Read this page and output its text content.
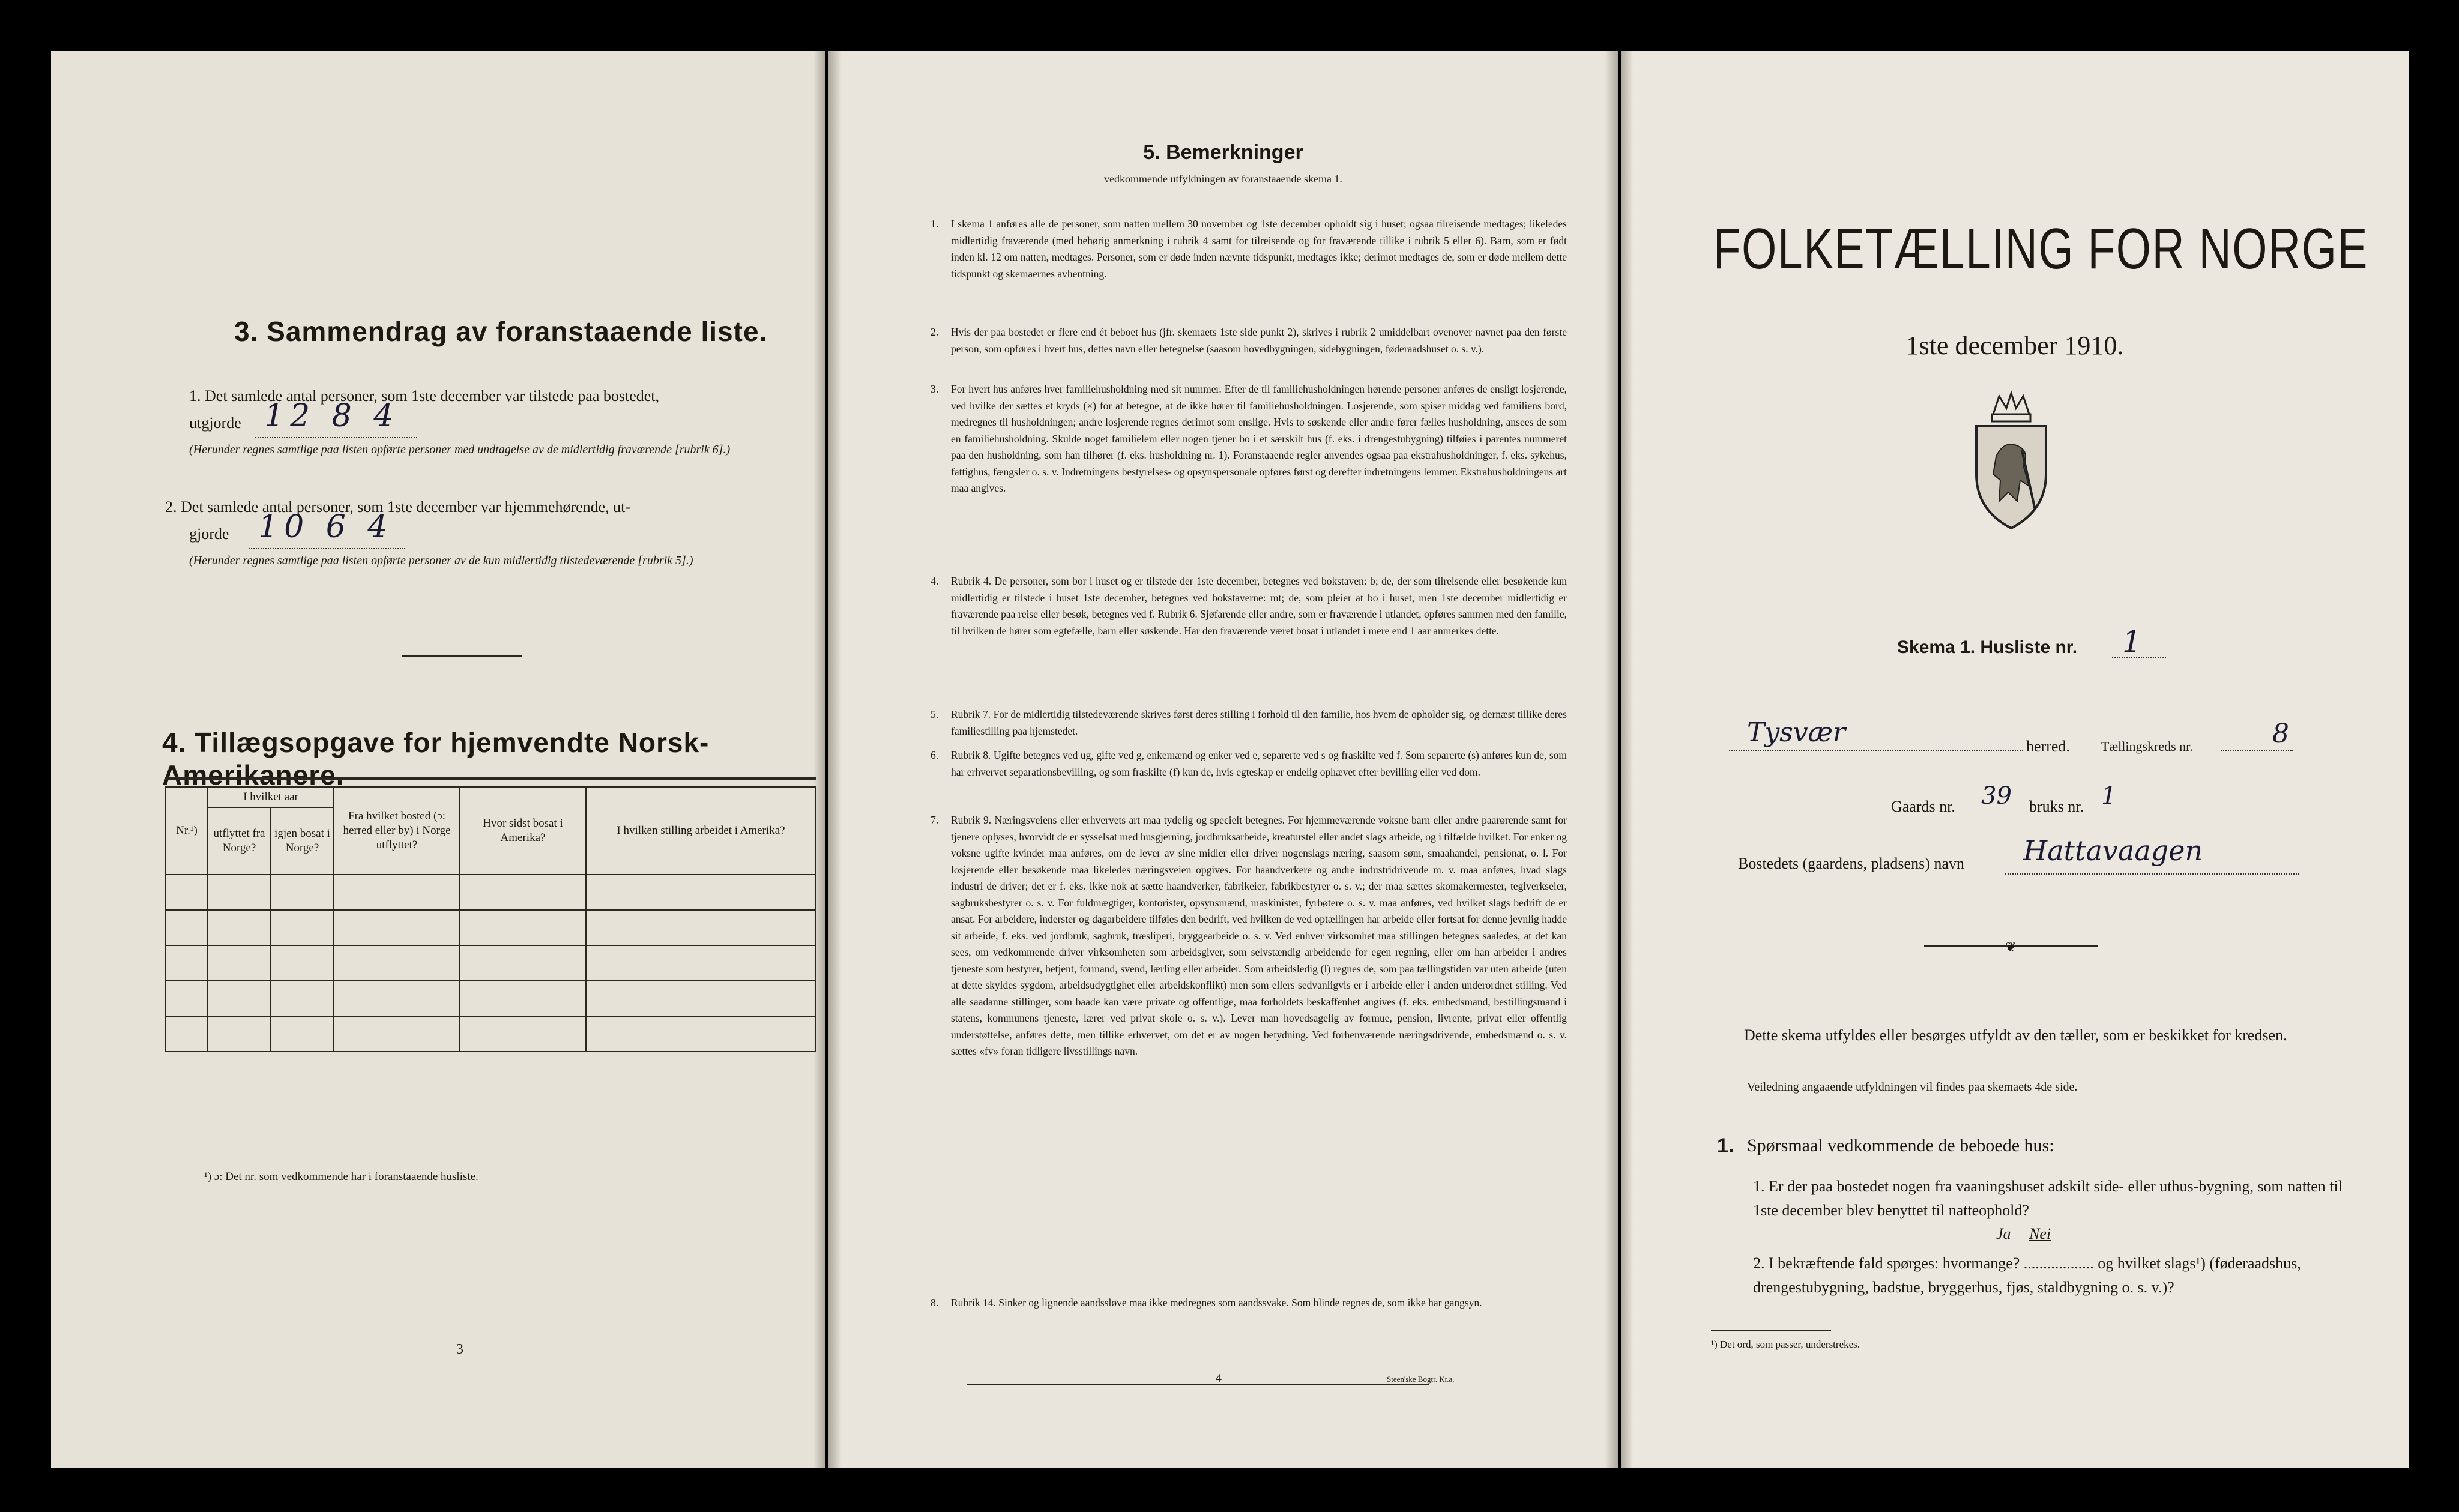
3. Sammendrag av foranstaaende liste.
1. Det samlede antal personer, som 1ste december var tilstede paa bostedet,
utgjorde 12 8 4
(Herunder regnes samtlige paa listen opførte personer med undtagelse av de midlertidig fraværende [rubrik 6].)
2. Det samlede antal personer, som 1ste december var hjemmehørende, ut-
gjorde 10 6 4
(Herunder regnes samtlige paa listen opførte personer av de kun midlertidig tilstedeværende [rubrik 5].)
4. Tillægsopgave for hjemvendte Norsk-Amerikanere.
Nr.¹)	I hvilket aar		Fra hvilket bosted (ɔ: herred eller by) i Norge utflyttet?	Hvor sidst bosat i Amerika?	I hvilken stilling arbeidet i Amerika?
	utflyttet fra Norge?	igjen bosat i Norge?			

¹) ɔ: Det nr. som vedkommende har i foranstaaende husliste.
3
5. Bemerkninger
vedkommende utfyldningen av foranstaaende skema 1.
1. I skema 1 anføres alle de personer, som natten mellem 30 november og 1ste december opholdt sig i huset; ogsaa tilreisende medtages; likeledes midlertidig fraværende (med behørig anmerkning i rubrik 4 samt for tilreisende og for fraværende tillike i rubrik 5 eller 6). Barn, som er født inden kl. 12 om natten, medtages. Personer, som er døde inden nævnte tidspunkt, medtages ikke; derimot medtages de, som er døde mellem dette tidspunkt og skemaernes avhentning.
2. Hvis der paa bostedet er flere end ét beboet hus (jfr. skemaets 1ste side punkt 2), skrives i rubrik 2 umiddelbart ovenover navnet paa den første person, som opføres i hvert hus, dettes navn eller betegnelse (saasom hovedbygningen, sidebygningen, føderaadshuset o. s. v.).
3. For hvert hus anføres hver familiehusholdning med sit nummer. Efter de til familiehusholdningen hørende personer anføres de ensligt losjerende, ved hvilke der sættes et kryds (×) for at betegne, at de ikke hører til familiehusholdningen. Losjerende, som spiser middag ved familiens bord, medregnes til husholdningen; andre losjerende regnes derimot som enslige. Hvis to søskende eller andre fører fælles husholdning, ansees de som en familiehusholdning. Skulde noget familielem eller nogen tjener bo i et særskilt hus (f. eks. i drengestubygning) tilføies i parentes nummeret paa den husholdning, som han tilhører (f. eks. husholdning nr. 1). Foranstaaende regler anvendes ogsaa paa ekstrahusholdninger, f. eks. sykehus, fattighus, fængsler o. s. v. Indretningens bestyrelses- og opsynspersonale opføres først og derefter indretningens lemmer. Ekstrahusholdningens art maa angives.
4. Rubrik 4. De personer, som bor i huset og er tilstede der 1ste december, betegnes ved bokstaven: b; de, der som tilreisende eller besøkende kun midlertidig er tilstede i huset 1ste december, betegnes ved bokstaverne: mt; de, som pleier at bo i huset, men 1ste december midlertidig er fraværende paa reise eller besøk, betegnes ved f. Rubrik 6. Sjøfarende eller andre, som er fraværende i utlandet, opføres sammen med den familie, til hvilken de hører som egtefælle, barn eller søskende. Har den fraværende været bosat i utlandet i mere end 1 aar anmerkes dette.
5. Rubrik 7. For de midlertidig tilstedeværende skrives først deres stilling i forhold til den familie, hos hvem de opholder sig, og dernæst tillike deres familiestilling paa hjemstedet.
6. Rubrik 8. Ugifte betegnes ved ug, gifte ved g, enkemænd og enker ved e, separerte ved s og fraskilte ved f. Som separerte (s) anføres kun de, som har erhvervet separationsbevilling, og som fraskilte (f) kun de, hvis egteskap er endelig ophævet efter bevilling eller ved dom.
7. Rubrik 9. Næringsveiens eller erhvervets art maa tydelig og specielt betegnes. For hjemmeværende voksne barn eller andre paarørende samt for tjenere oplyses, hvorvidt de er sysselsat med husgjerning, jordbruksarbeide, kreaturstel eller andet slags arbeide, og i tilfælde hvilket. For enker og voksne ugifte kvinder maa anføres, om de lever av sine midler eller driver nogenslags næring, saasom søm, smaahandel, pensionat, o. l. For losjerende eller besøkende maa likeledes næringsveien opgives. For haandverkere og andre industridrivende m. v. maa anføres, hvad slags industri de driver; det er f. eks. ikke nok at sætte haandverker, fabrikeier, fabrikbestyrer o. s. v.; der maa sættes skomakermester, teglverkseier, sagbruksbestyrer o. s. v. For fuldmægtiger, kontorister, opsynsmænd, maskinister, fyrbøtere o. s. v. maa anføres, ved hvilket slags bedrift de er ansat. For arbeidere, inderster og dagarbeidere tilføies den bedrift, ved hvilken de ved optællingen har arbeide eller fortsat for denne jevnlig hadde sit arbeide, f. eks. ved jordbruk, sagbruk, træsliperi, bryggearbeide o. s. v. Ved enhver virksomhet maa stillingen betegnes saaledes, at det kan sees, om vedkommende driver virksomheten som arbeidsgiver, som selvstændig arbeidende for egen regning, eller om han arbeider i andres tjeneste som bestyrer, betjent, formand, svend, lærling eller arbeider. Som arbeidsledig (l) regnes de, som paa tællingstiden var uten arbeide (uten at dette skyldes sygdom, arbeidsudygtighet eller arbeidskonflikt) men som ellers sedvanligvis er i arbeide eller i anden underordnet stilling. Ved alle saadanne stillinger, som baade kan være private og offentlige, maa forholdets beskaffenhet angives (f. eks. embedsmand, bestillingsmand i statens, kommunens tjeneste, lærer ved privat skole o. s. v.). Lever man hovedsagelig av formue, pension, livrente, privat eller offentlig understøttelse, anføres dette, men tillike erhvervet, om det er av nogen betydning. Ved forhenværende næringsdrivende, embedsmænd o. s. v. sættes «fv» foran tidligere livsstillings navn.
8. Rubrik 14. Sinker og lignende aandssløve maa ikke medregnes som aandssvake. Som blinde regnes de, som ikke har gangsyn.
4	Steen'ske Bogtr. Kr.a.
FOLKETÆLLING FOR NORGE
1ste december 1910.
Skema 1. Husliste nr. 1
Tysvær	herred. Tællingskreds nr.	8
Gaards nr. 39 bruks nr. 1
Bostedets (gaardens, pladsens) navn Hattavaagen
❦
Dette skema utfyldes eller besørges utfyldt av den tæller, som er beskikket for kredsen.
Veiledning angaaende utfyldningen vil findes paa skemaets 4de side.
1. Spørsmaal vedkommende de beboede hus:
1. Er der paa bostedet nogen fra vaaningshuset adskilt side- eller uthus-bygning, som natten til 1ste december blev benyttet til natteophold?
Ja Nei
2. I bekræftende fald spørges: hvormange? .................. og hvilket slags¹) (føderaadshus, drengestubygning, badstue, bryggerhus, fjøs, staldbygning o. s. v.)?
¹) Det ord, som passer, understrekes.
